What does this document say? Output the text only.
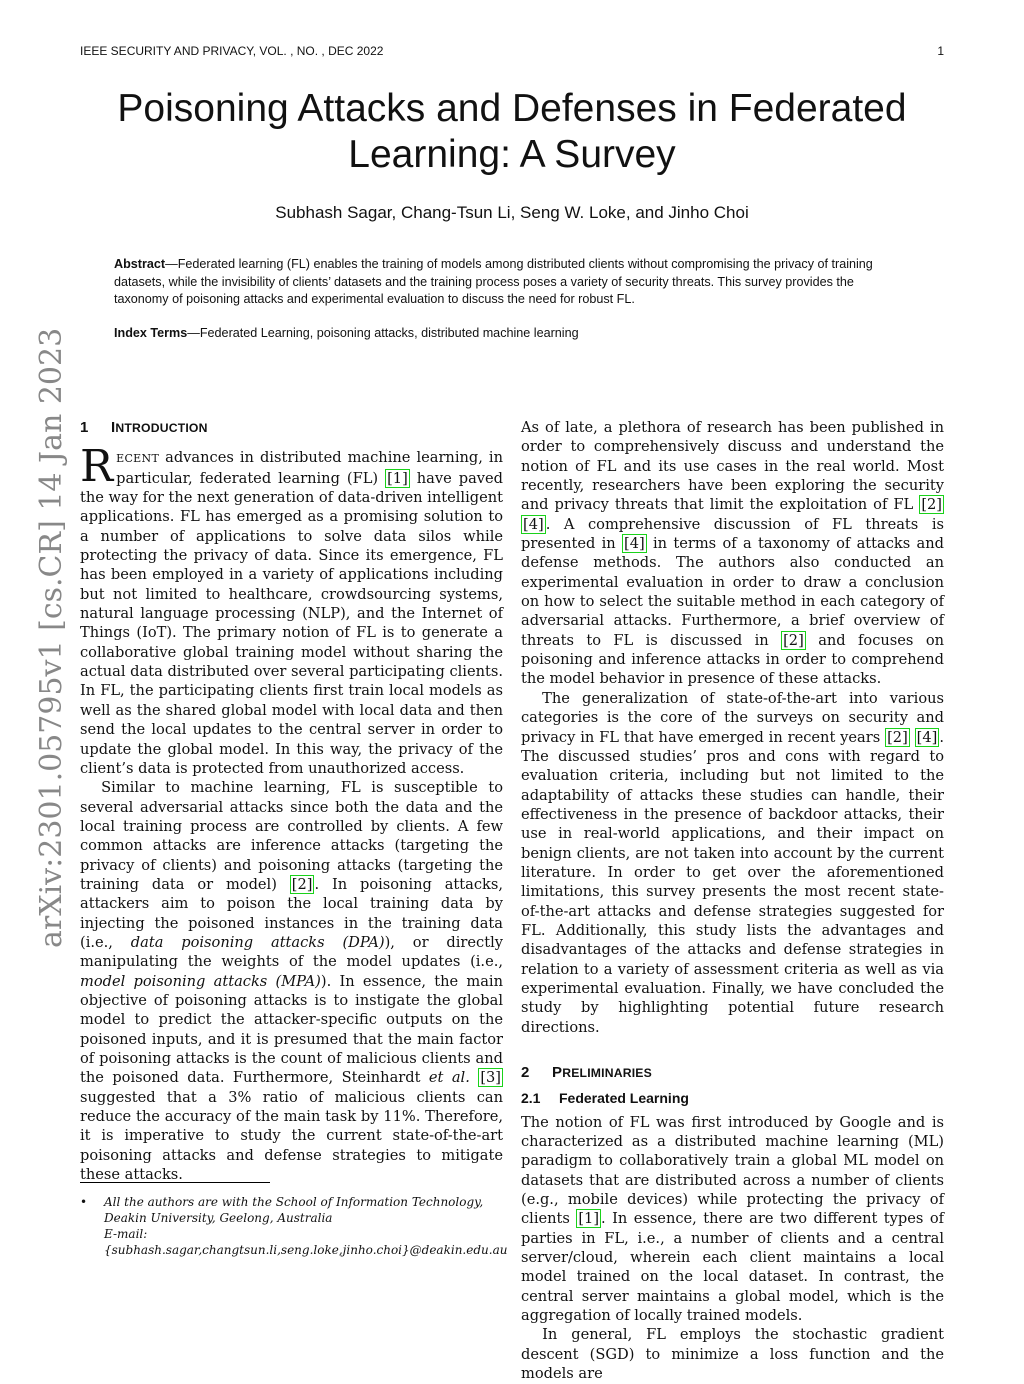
IEEE SECURITY AND PRIVACY, VOL. , NO. , DEC 2022	1
Poisoning Attacks and Defenses in Federated
Learning: A Survey
Subhash Sagar, Chang-Tsun Li, Seng W. Loke, and Jinho Choi

Abstract—Federated learning (FL) enables the training of models among distributed clients without compromising the privacy of training datasets, while the invisibility of clients’ datasets and the training process poses a variety of security threats. This survey provides the taxonomy of poisoning attacks and experimental evaluation to discuss the need for robust FL.

Index Terms—Federated Learning, poisoning attacks, distributed machine learning

arXiv:2301.05795v1 [cs.CR] 14 Jan 2023 1 INTRODUCTION

RECENT advances in distributed machine learning, in particular, federated learning (FL) [1] have paved the way for the next generation of data-driven intelligent applications. FL has emerged as a promising solution to a number of applications to solve data silos while protecting the privacy of data. Since its emergence, FL has been employed in a variety of applications including but not limited to healthcare, crowdsourcing systems, natural language processing (NLP), and the Internet of Things (IoT). The primary notion of FL is to generate a collaborative global training model without sharing the actual data distributed over several participating clients. In FL, the participating clients first train local models as well as the shared global model with local data and then send the local updates to the central server in order to update the global model. In this way, the privacy of the client’s data is protected from unauthorized access.

Similar to machine learning, FL is susceptible to several adversarial attacks since both the data and the local training process are controlled by clients. A few common attacks are inference attacks (targeting the privacy of clients) and poisoning attacks (targeting the training data or model) [2] . In poisoning attacks, attackers aim to poison the local training data by injecting the poisoned instances in the training data (i.e., data poisoning attacks (DPA)), or directly manipulating the weights of the model updates (i.e., model poisoning attacks (MPA)). In essence, the main objective of poisoning attacks is to instigate the global model to predict the attacker-specific outputs on the poisoned inputs, and it is presumed that the main factor of poisoning attacks is the count of malicious clients and the poisoned data. Furthermore, Steinhardt et al. [3] suggested that a 3% ratio of malicious clients can reduce the accuracy of the main task by 11%. Therefore, it is imperative to study the current state-of-the-art poisoning attacks and defense strategies to mitigate these attacks.

• All the authors are with the School of Information Technology, Deakin University, Geelong, Australia
E-mail: {subhash.sagar,changtsun.li,seng.loke,jinho.choi}@deakin.edu.au

As of late, a plethora of research has been published in order to comprehensively discuss and understand the notion of FL and its use cases in the real world. Most recently, researchers have been exploring the security and privacy threats that limit the exploitation of FL [2] [4] . A comprehensive discussion of FL threats is presented in [4] in terms of a taxonomy of attacks and defense methods. The authors also conducted an experimental evaluation in order to draw a conclusion on how to select the suitable method in each category of adversarial attacks. Furthermore, a brief overview of threats to FL is discussed in [2] and focuses on poisoning and inference attacks in order to comprehend the model behavior in presence of these attacks.

The generalization of state-of-the-art into various categories is the core of the surveys on security and privacy in FL that have emerged in recent years [2] [4] . The discussed studies’ pros and cons with regard to evaluation criteria, including but not limited to the adaptability of attacks these studies can handle, their effectiveness in the presence of backdoor attacks, their use in real-world applications, and their impact on benign clients, are not taken into account by the current literature. In order to get over the aforementioned limitations, this survey presents the most recent state-of-the-art attacks and defense strategies suggested for FL. Additionally, this study lists the advantages and disadvantages of the attacks and defense strategies in relation to a variety of assessment criteria as well as via experimental evaluation. Finally, we have concluded the study by highlighting potential future research directions.

2 PRELIMINARIES
2.1 Federated Learning

The notion of FL was first introduced by Google and is characterized as a distributed machine learning (ML) paradigm to collaboratively train a global ML model on datasets that are distributed across a number of clients (e.g., mobile devices) while protecting the privacy of clients [1] . In essence, there are two different types of parties in FL, i.e., a number of clients and a central server/cloud, wherein each client maintains a local model trained on the local dataset. In contrast, the central server maintains a global model, which is the aggregation of locally trained models.

In general, FL employs the stochastic gradient descent (SGD) to minimize a loss function and the models are
